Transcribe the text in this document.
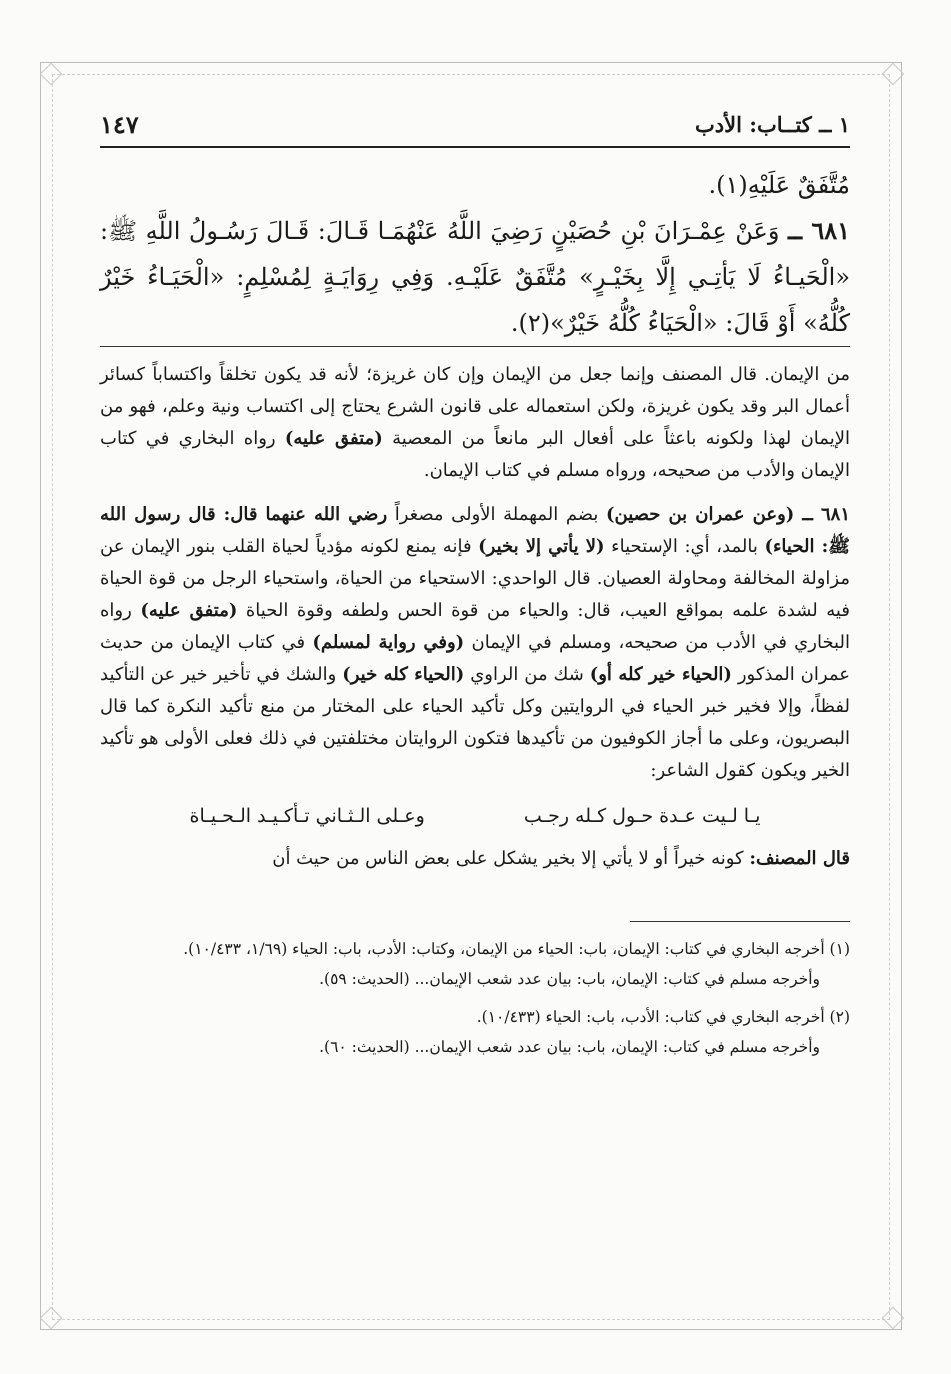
١ ــ كتــاب: الأدب
١٤٧

مُتَّفَقٌ عَلَيْهِ(١).

٦٨١ ــ وَعَنْ عِمْـرَانَ بْنِ حُصَيْنٍ رَضِيَ اللَّهُ عَنْهُمَـا قَـالَ: قَـالَ رَسُـولُ اللَّهِ ﷺ: «الْحَيـاءُ لَا يَأتِـي إِلَّا بِخَيْـرٍ» مُتَّفَقٌ عَلَيْـهِ. وَفِي رِوَايَـةٍ لِمُسْلِمٍ: «الْحَيَـاءُ خَيْرٌ كُلُّهُ» أَوْ قَالَ: «الْحَيَاءُ كُلُّهُ خَيْرٌ»(٢).

من الإيمان. قال المصنف وإنما جعل من الإيمان وإن كان غريزة؛ لأنه قد يكون تخلقاً واكتساباً كسائر أعمال البر وقد يكون غريزة، ولكن استعماله على قانون الشرع يحتاج إلى اكتساب ونية وعلم، فهو من الإيمان لهذا ولكونه باعثاً على أفعال البر مانعاً من المعصية (متفق عليه) رواه البخاري في كتاب الإيمان والأدب من صحيحه، ورواه مسلم في كتاب الإيمان.

٦٨١ ــ (وعن عمران بن حصين) بضم المهملة الأولى مصغراً رضي الله عنهما قال: قال رسول الله ﷺ: الحياء) بالمد، أي: الإستحياء (لا يأتي إلا بخير) فإنه يمنع لكونه مؤدياً لحياة القلب بنور الإيمان عن مزاولة المخالفة ومحاولة العصيان. قال الواحدي: الاستحياء من الحياة، واستحياء الرجل من قوة الحياة فيه لشدة علمه بمواقع العيب، قال: والحياء من قوة الحس ولطفه وقوة الحياة (متفق عليه) رواه البخاري في الأدب من صحيحه، ومسلم في الإيمان (وفي رواية لمسلم) في كتاب الإيمان من حديث عمران المذكور (الحياء خير كله أو) شك من الراوي (الحياء كله خير) والشك في تأخير خير عن التأكيد لفظاً، وإلا فخير خبر الحياء في الروايتين وكل تأكيد الحياء على المختار من منع تأكيد النكرة كما قال البصريون، وعلى ما أجاز الكوفيون من تأكيدها فتكون الروايتان مختلفتين في ذلك فعلى الأولى هو تأكيد الخير ويكون كقول الشاعر:

يـا لـيت عـدة حـول كـله رجـب
وعـلى الـثـاني تـأكـيـد الـحـيـاة

قال المصنف: كونه خيراً أو لا يأتي إلا بخير يشكل على بعض الناس من حيث أن

(١) أخرجه البخاري في كتاب: الإيمان، باب: الحياء من الإيمان، وكتاب: الأدب، باب: الحياء (١/٦٩، ١٠/٤٣٣).

وأخرجه مسلم في كتاب: الإيمان، باب: بيان عدد شعب الإيمان... (الحديث: ٥٩).

(٢) أخرجه البخاري في كتاب: الأدب، باب: الحياء (١٠/٤٣٣).

وأخرجه مسلم في كتاب: الإيمان، باب: بيان عدد شعب الإيمان... (الحديث: ٦٠).
